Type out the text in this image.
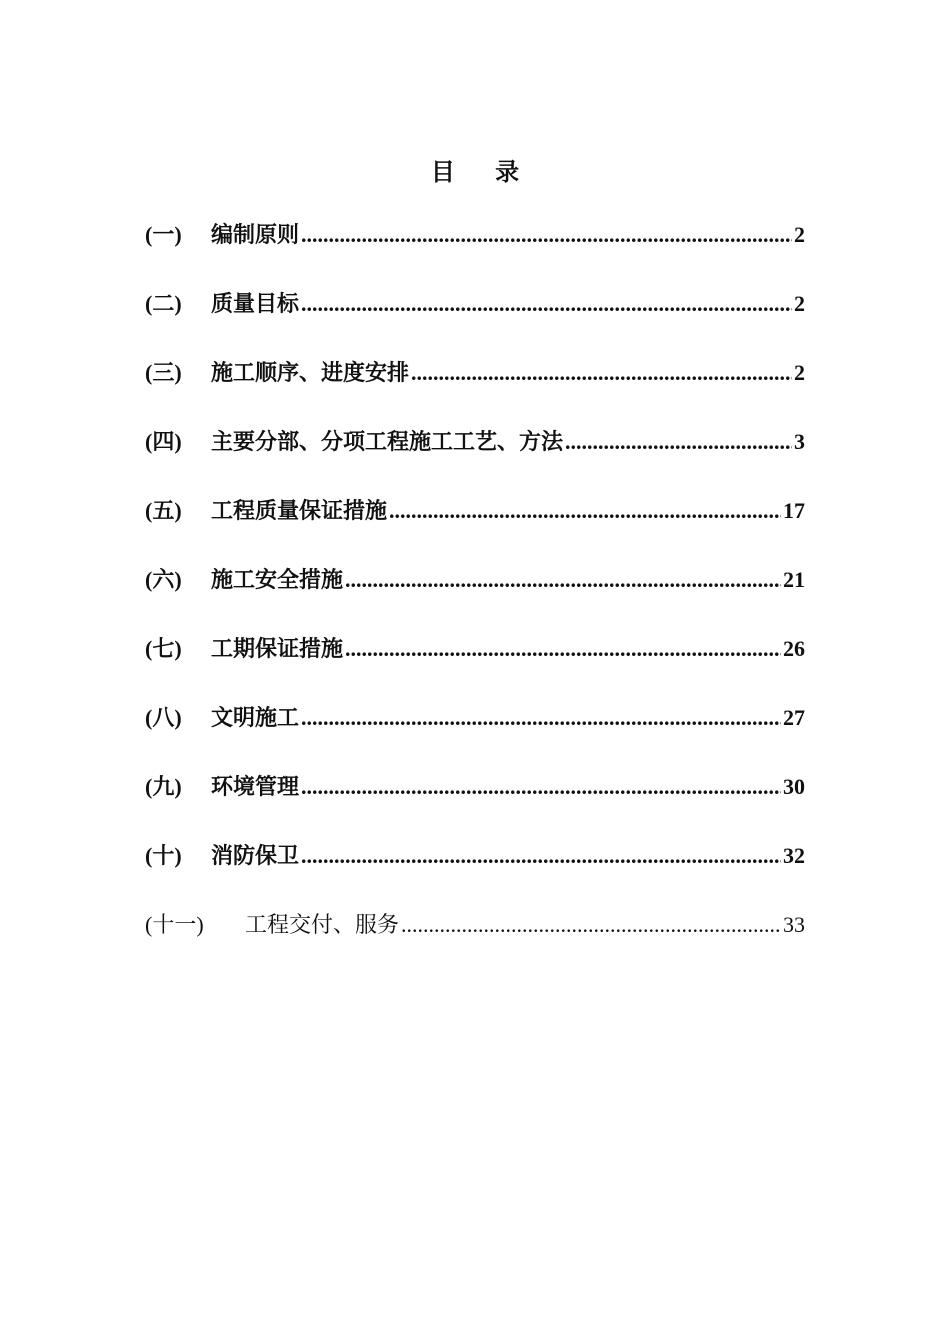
目 录
(一)	编制原则 .....	2
(二)	质量目标 .....	2
(三)	施工顺序、进度安排 .....	2
(四)	主要分部、分项工程施工工艺、方法 .....	3
(五)	工程质量保证措施 .....	17
(六)	施工安全措施 .....	21
(七)	工期保证措施 .....	26
(八)	文明施工 .....	27
(九)	环境管理 .....	30
(十)	消防保卫 .....	32
(十一)	工程交付、服务 .....	33
